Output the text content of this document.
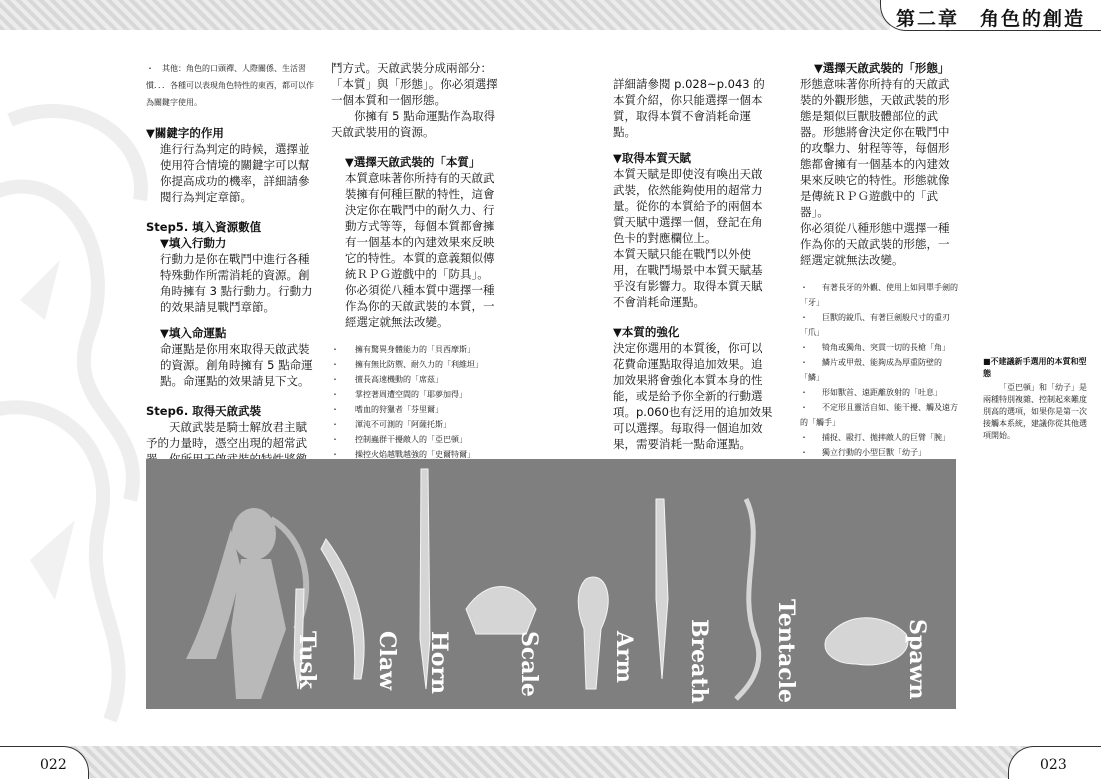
第二章　角色的創造

・　其他：角色的口頭禪、人際關係、生活習慣．．．各種可以表現角色特性的東西，都可以作為關鍵字使用。

▼關鍵字的作用

進行行為判定的時候，選擇並使用符合情境的關鍵字可以幫你提高成功的機率，詳細請參閱行為判定章節。

Step5. 填入資源數值

▼填入行動力

行動力是你在戰鬥中進行各種特殊動作所需消耗的資源。創角時擁有 3 點行動力。行動力的效果請見戰鬥章節。

▼填入命運點

命運點是你用來取得天啟武裝的資源。創角時擁有 5 點命運點。命運點的效果請見下文。

Step6. 取得天啟武裝

天啟武裝是騎士解放君主賦予的力量時，憑空出現的超常武

鬥方式。天啟武裝分成兩部分：「本質」與「形態」。你必須選擇一個本質和一個形態。

你擁有 5 點命運點作為取得天啟武裝用的資源。

▼選擇天啟武裝的「本質」

本質意味著你所持有的天啟武裝擁有何種巨獸的特性，這會決定你在戰鬥中的耐久力、行動方式等等，每個本質都會擁有一個基本的內建效果來反映它的特性。本質的意義類似傳統ＲＰＧ遊戲中的「防具」。

你必須從八種本質中選擇一種作為你的天啟武裝的本質，一經選定就無法改變。

・ 擁有驚異身體能力的「貝西摩斯」
・ 擁有無比防禦、耐久力的「利維坦」
・ 擅長高速機動的「席茲」
・ 掌控著周遭空間的「耶夢加得」
・ 嗜血的狩獵者「芬里爾」
・ 渾沌不可測的「阿薩托斯」
・ 控制蟲群干擾敵人的「亞巴頓」
・ 操控火焰越戰越強的「史爾特爾」

詳細請參閱 p.028~p.043 的本質介紹，你只能選擇一個本質，取得本質不會消耗命運點。

▼取得本質天賦

本質天賦是即使沒有喚出天啟武裝，依然能夠使用的超常力量。從你的本質給予的兩個本質天賦中選擇一個，登記在角色卡的對應欄位上。

本質天賦只能在戰鬥以外使用，在戰鬥場景中本質天賦基乎沒有影響力。取得本質天賦不會消耗命運點。

▼本質的強化

決定你選用的本質後，你可以花費命運點取得追加效果。追加效果將會強化本質本身的性能，或是給予你全新的行動選項。p.060也有泛用的追加效果可以選擇。每取得一個追加效果，需要消耗一點命運點。

▼選擇天啟武裝的「形態」

形態意味著你所持有的天啟武裝的外觀形態，天啟武裝的形態是類似巨獸肢體部位的武器。形態將會決定你在戰鬥中的攻擊力、射程等等，每個形態都會擁有一個基本的內建效果來反映它的特性。形態就像是傳統ＲＰＧ遊戲中的「武器」。

你必須從八種形態中選擇一種作為你的天啟武裝的形態，一經選定就無法改變。

・ 有著長牙的外觀、使用上如同單手劍的「牙」
・ 巨獸的銳爪、有著巨劍般尺寸的重刃「爪」
・ 犄角或獨角、突貫一切的長槍「角」
・ 鱗片或甲殼、能夠成為厚重防壁的「鱗」
・ 形如獸首、遠距離放射的「吐息」
・ 不定形且靈活自如、能干擾、觸及遠方的「觸手」
・ 捕捉、毆打、拋摔敵人的巨臂「腕」
・ 獨立行動的小型巨獸「幼子」
■不建議新手選用的本質和型態
「亞巴頓」和「幼子」是兩種特別複雜、控制起來難度別高的選項，如果你是第一次接觸本系統，建議你從其他選項開始。
Tusk Claw Horn	Scale	Arm Breath	Tentacle	Spawn
022	023
